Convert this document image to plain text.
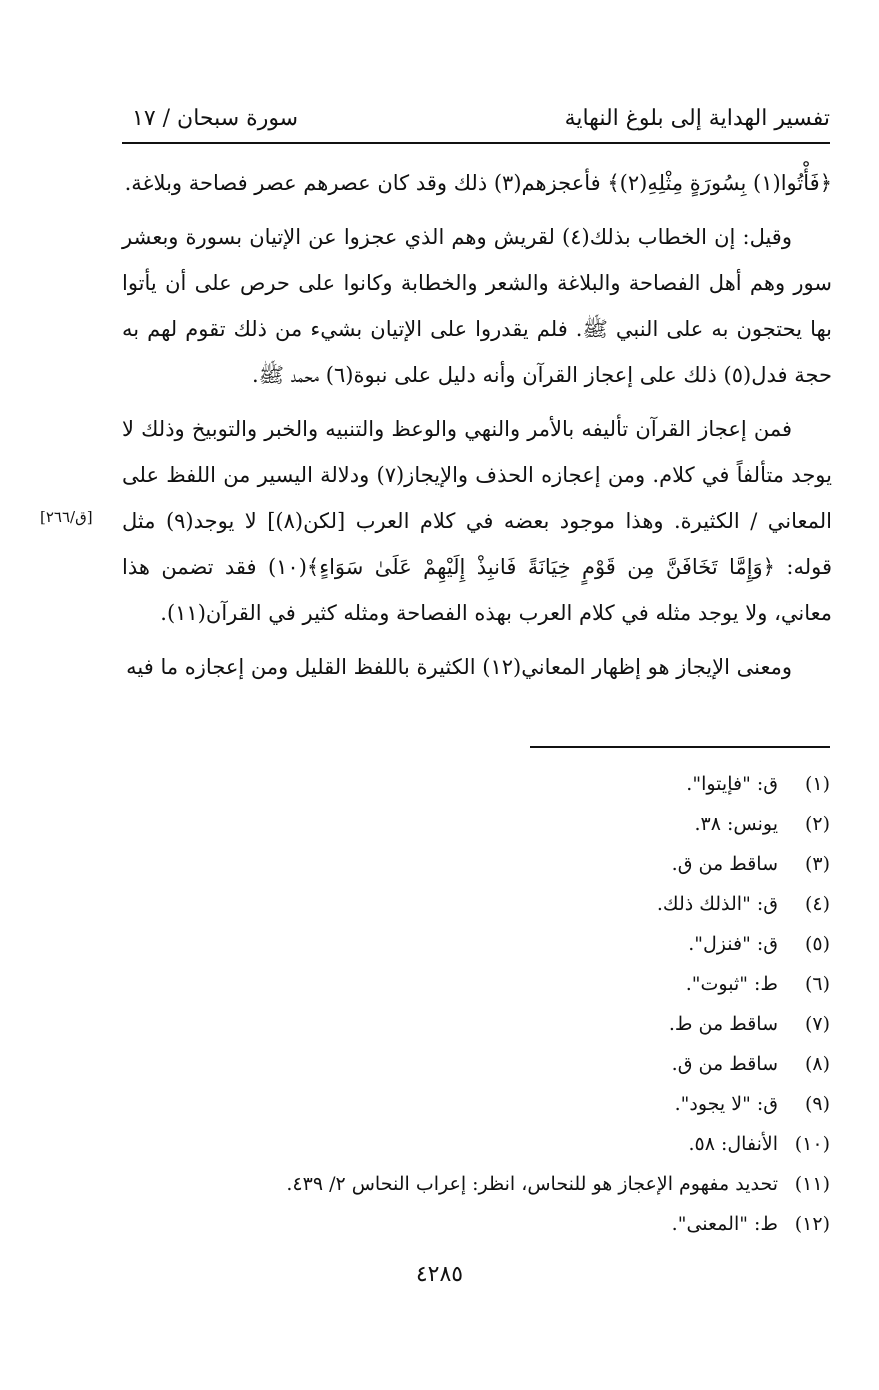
تفسير الهداية إلى بلوغ النهاية
سورة سبحان / ١٧

﴿فَأْتُوا(١) بِسُورَةٍ مِثْلِهِ(٢)﴾ فأعجزهم(٣) ذلك وقد كان عصرهم عصر فصاحة وبلاغة.

وقيل: إن الخطاب بذلك(٤) لقريش وهم الذي عجزوا عن الإتيان بسورة وبعشر سور وهم أهل الفصاحة والبلاغة والشعر والخطابة وكانوا على حرص على أن يأتوا بها يحتجون به على النبي ﷺ. فلم يقدروا على الإتيان بشيء من ذلك تقوم لهم به حجة فدل(٥) ذلك على إعجاز القرآن وأنه دليل على نبوة(٦) محمد ﷺ.

فمن إعجاز القرآن تأليفه بالأمر والنهي والوعظ والتنبيه والخبر والتوبيخ وذلك لا يوجد متألفاً في كلام. ومن إعجازه الحذف والإيجاز(٧) ودلالة اليسير من اللفظ على المعاني / الكثيرة. وهذا موجود بعضه في كلام العرب [لكن(٨)] لا يوجد(٩) مثل قوله: ﴿وَإِمَّا تَخَافَنَّ مِن قَوْمٍ خِيَانَةً فَانبِذْ إِلَيْهِمْ عَلَىٰ سَوَاءٍ﴾(١٠) فقد تضمن هذا معاني، ولا يوجد مثله في كلام العرب بهذه الفصاحة ومثله كثير في القرآن(١١).

ومعنى الإيجاز هو إظهار المعاني(١٢) الكثيرة باللفظ القليل ومن إعجازه ما فيه

[ق/٢٦٦]
(١)ق: "فإيتوا".
(٢)يونس: ٣٨.
(٣)ساقط من ق.
(٤)ق: "الذلك ذلك.
(٥)ق: "فنزل".
(٦)ط: "ثبوت".
(٧)ساقط من ط.
(٨)ساقط من ق.
(٩)ق: "لا يجود".
(١٠)الأنفال: ٥٨.
(١١)تحديد مفهوم الإعجاز هو للنحاس، انظر: إعراب النحاس ٢/ ٤٣٩.
(١٢)ط: "المعنى".
٤٢٨٥
